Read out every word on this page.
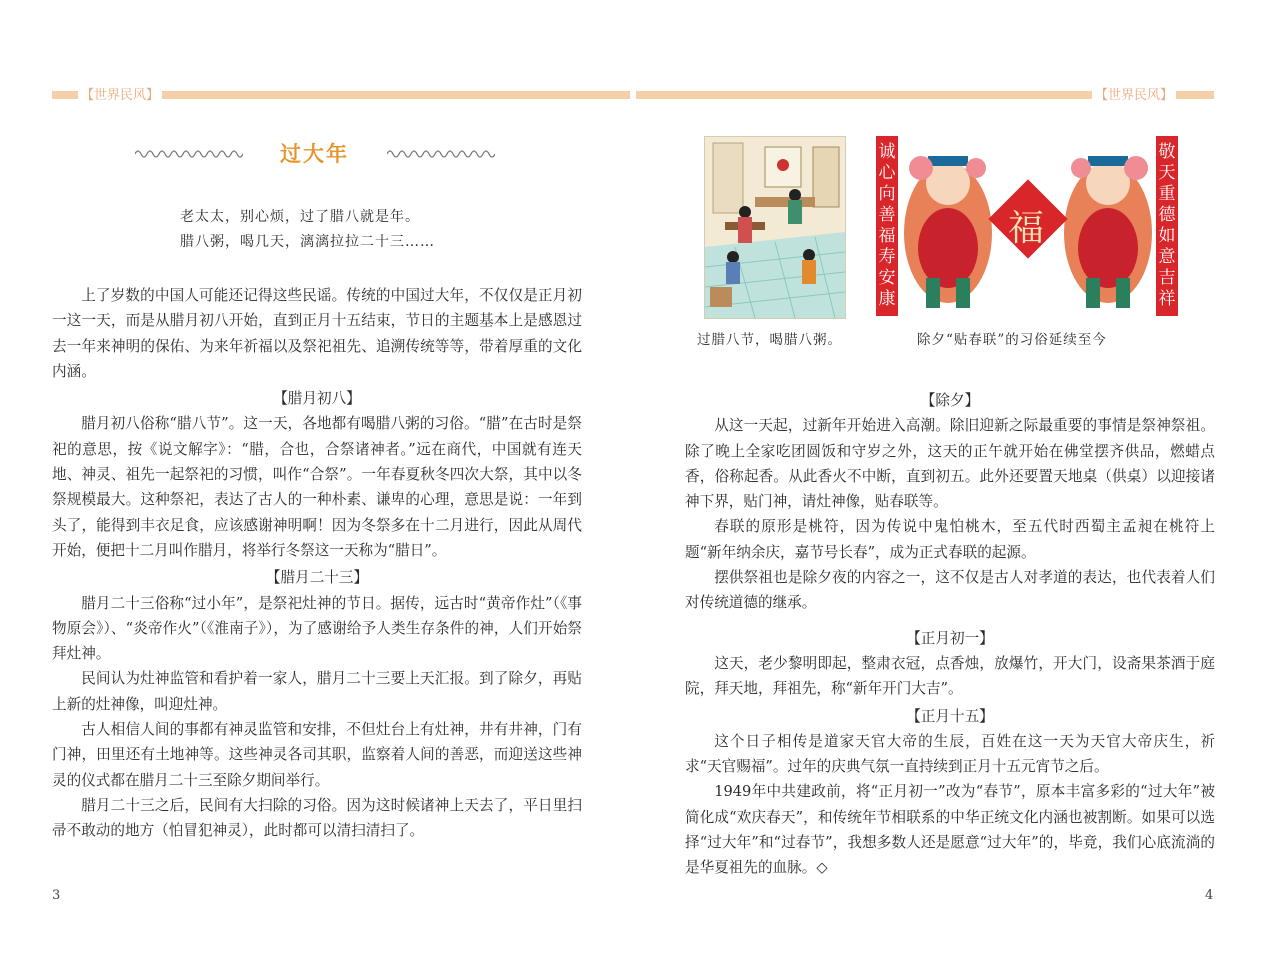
【世界民风】	【世界民风】
过大年
老太太，别心烦，过了腊八就是年。
腊八粥，喝几天，漓漓拉拉二十三……

上了岁数的中国人可能还记得这些民谣。传统的中国过大年，不仅仅是正月初一这一天，而是从腊月初八开始，直到正月十五结束，节日的主题基本上是感恩过去一年来神明的保佑、为来年祈福以及祭祀祖先、追溯传统等等，带着厚重的文化内涵。

【腊月初八】

腊月初八俗称“腊八节”。这一天，各地都有喝腊八粥的习俗。“腊”在古时是祭祀的意思，按《说文解字》：“腊，合也，合祭诸神者。”远在商代，中国就有连天地、神灵、祖先一起祭祀的习惯，叫作“合祭”。一年春夏秋冬四次大祭，其中以冬祭规模最大。这种祭祀，表达了古人的一种朴素、谦卑的心理，意思是说：一年到头了，能得到丰衣足食，应该感谢神明啊！因为冬祭多在十二月进行，因此从周代开始，便把十二月叫作腊月，将举行冬祭这一天称为“腊日”。

【腊月二十三】

腊月二十三俗称“过小年”，是祭祀灶神的节日。据传，远古时“黄帝作灶”（《事物原会》）、“炎帝作火”（《淮南子》），为了感谢给予人类生存条件的神，人们开始祭拜灶神。

民间认为灶神监管和看护着一家人，腊月二十三要上天汇报。到了除夕，再贴上新的灶神像，叫迎灶神。

古人相信人间的事都有神灵监管和安排，不但灶台上有灶神，井有井神，门有门神，田里还有土地神等。这些神灵各司其职，监察着人间的善恶，而迎送这些神灵的仪式都在腊月二十三至除夕期间举行。

腊月二十三之后，民间有大扫除的习俗。因为这时候诸神上天去了，平日里扫帚不敢动的地方（怕冒犯神灵），此时都可以清扫清扫了。

3
福
诚心向善福寿安康
敬天重德如意吉祥
过腊八节，喝腊八粥。	除夕“贴春联”的习俗延续至今

【除夕】

从这一天起，过新年开始进入高潮。除旧迎新之际最重要的事情是祭神祭祖。除了晚上全家吃团圆饭和守岁之外，这天的正午就开始在佛堂摆齐供品，燃蜡点香，俗称起香。从此香火不中断，直到初五。此外还要置天地桌（供桌）以迎接诸神下界，贴门神，请灶神像，贴春联等。

春联的原形是桃符，因为传说中鬼怕桃木，至五代时西蜀主孟昶在桃符上题“新年纳余庆，嘉节号长春”，成为正式春联的起源。

摆供祭祖也是除夕夜的内容之一，这不仅是古人对孝道的表达，也代表着人们对传统道德的继承。

【正月初一】

这天，老少黎明即起，整肃衣冠，点香烛，放爆竹，开大门，设斋果茶酒于庭院，拜天地，拜祖先，称“新年开门大吉”。

【正月十五】

这个日子相传是道家天官大帝的生辰，百姓在这一天为天官大帝庆生，祈求“天官赐福”。过年的庆典气氛一直持续到正月十五元宵节之后。

1949年中共建政前，将“正月初一”改为“春节”，原本丰富多彩的“过大年”被简化成“欢庆春天”，和传统年节相联系的中华正统文化内涵也被割断。如果可以选择“过大年”和“过春节”，我想多数人还是愿意“过大年”的，毕竟，我们心底流淌的是华夏祖先的血脉。◇

4
